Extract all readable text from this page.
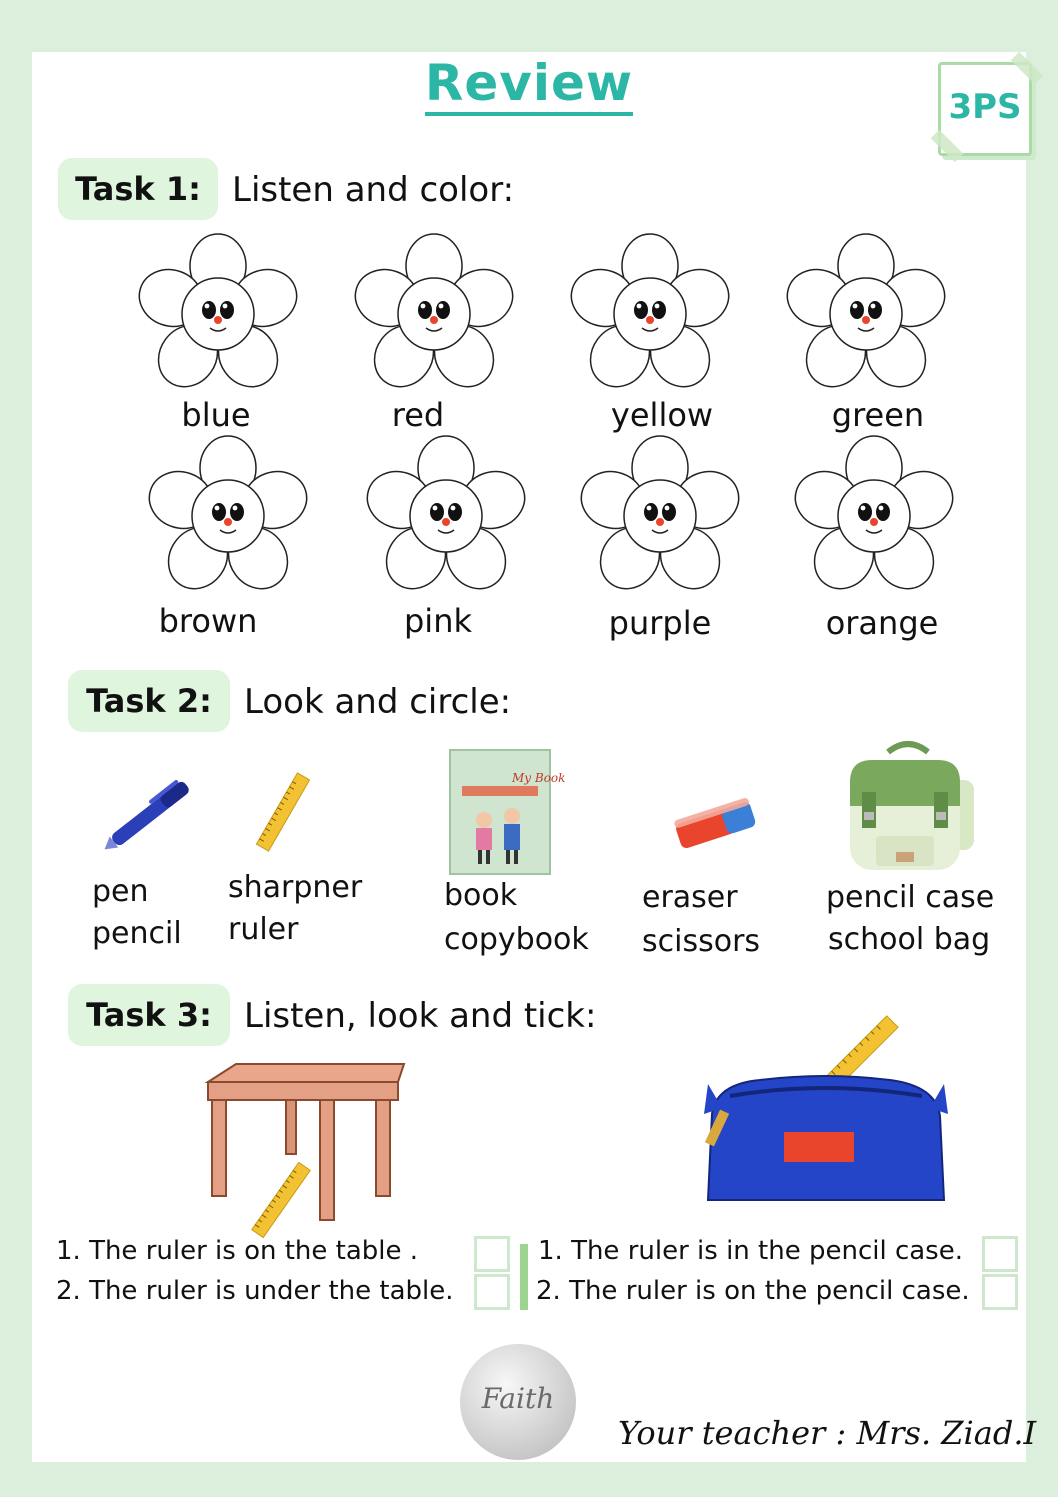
Review	3PS
Task 1: Listen and color:
blue	red	yellow	green
brown	pink	purple	orange
Task 2: Look and circle:
My Book
pen
pencil
sharpner
ruler
book
copybook
eraser
scissors
pencil case
school bag
Task 3: Listen, look and tick:
1. The ruler is on the table .
2. The ruler is under the table.
1. The ruler is in the pencil case.
2. The ruler is on the pencil case.
Faith
Your teacher : Mrs. Ziad.I
